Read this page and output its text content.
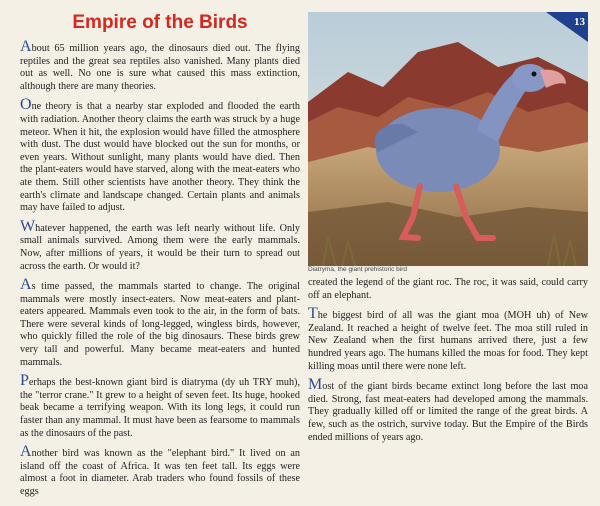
Empire of the Birds

About 65 million years ago, the dinosaurs died out. The flying reptiles and the great sea reptiles also vanished. Many plants died out as well. No one is sure what caused this mass extinction, although there are many theories.

One theory is that a nearby star exploded and flooded the earth with radiation. Another theory claims the earth was struck by a huge meteor. When it hit, the explosion would have filled the atmosphere with dust. The dust would have blocked out the sun for months, or even years. Without sunlight, many plants would have died. Then the plant-eaters would have starved, along with the meat-eaters who ate them. Still other scientists have another theory. They think the earth's climate and landscape changed. Certain plants and animals may have failed to adjust.

Whatever happened, the earth was left nearly without life. Only small animals survived. Among them were the early mammals. Now, after millions of years, it would be their turn to spread out across the earth. Or would it?

As time passed, the mammals started to change. The original mammals were mostly insect-eaters. Now meat-eaters and plant-eaters appeared. Mammals even took to the air, in the form of bats. There were several kinds of long-legged, wingless birds, however, who quickly filled the role of the big dinosaurs. These birds grew very tall and powerful. Many became meat-eaters and hunted mammals.

Perhaps the best-known giant bird is diatryma (dy uh TRY muh), the "terror crane." It grew to a height of seven feet. Its huge, hooked beak became a terrifying weapon. With its long legs, it could run faster than any mammal. It must have been as fearsome to mammals as the dinosaurs of the past.

Another bird was known as the "elephant bird." It lived on an island off the coast of Africa. It was ten feet tall. Its eggs were almost a foot in diameter. Arab traders who found fossils of these eggs

13
Diatryma, the giant prehistoric bird

created the legend of the giant roc. The roc, it was said, could carry off an elephant.

The biggest bird of all was the giant moa (MOH uh) of New Zealand. It reached a height of twelve feet. The moa still ruled in New Zealand when the first humans arrived there, just a few hundred years ago. The humans killed the moas for food. They kept killing moas until there were none left.

Most of the giant birds became extinct long before the last moa died. Strong, fast meat-eaters had developed among the mammals. They gradually killed off or limited the range of the great birds. A few, such as the ostrich, survive today. But the Empire of the Birds ended millions of years ago.
